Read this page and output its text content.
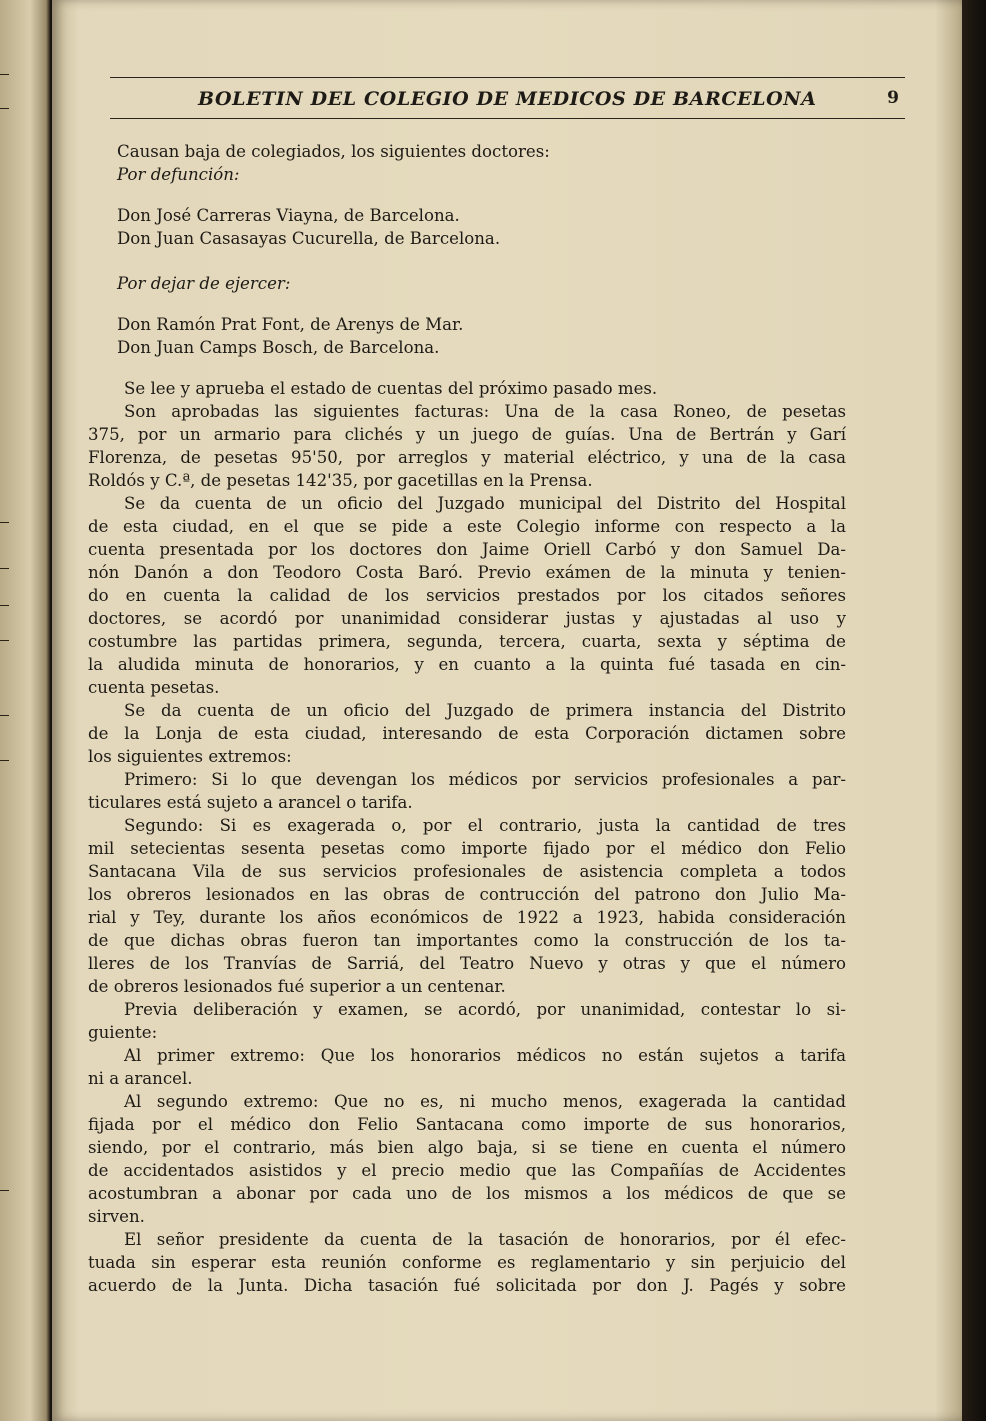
BOLETIN DEL COLEGIO DE MEDICOS DE BARCELONA	9
Causan baja de colegiados, los siguientes doctores:
Por defunción:
Don José Carreras Viayna, de Barcelona.
Don Juan Casasayas Cucurella, de Barcelona.
Por dejar de ejercer:
Don Ramón Prat Font, de Arenys de Mar.
Don Juan Camps Bosch, de Barcelona.
Se lee y aprueba el estado de cuentas del próximo pasado mes.
Son aprobadas las siguientes facturas: Una de la casa Roneo, de pesetas
375, por un armario para clichés y un juego de guías. Una de Bertrán y Garí
Florenza, de pesetas 95'50, por arreglos y material eléctrico, y una de la casa
Roldós y C.ª, de pesetas 142'35, por gacetillas en la Prensa.
Se da cuenta de un oficio del Juzgado municipal del Distrito del Hospital
de esta ciudad, en el que se pide a este Colegio informe con respecto a la
cuenta presentada por los doctores don Jaime Oriell Carbó y don Samuel Da-
nón Danón a don Teodoro Costa Baró. Previo exámen de la minuta y tenien-
do en cuenta la calidad de los servicios prestados por los citados señores
doctores, se acordó por unanimidad considerar justas y ajustadas al uso y
costumbre las partidas primera, segunda, tercera, cuarta, sexta y séptima de
la aludida minuta de honorarios, y en cuanto a la quinta fué tasada en cin-
cuenta pesetas.
Se da cuenta de un oficio del Juzgado de primera instancia del Distrito
de la Lonja de esta ciudad, interesando de esta Corporación dictamen sobre
los siguientes extremos:
Primero: Si lo que devengan los médicos por servicios profesionales a par-
ticulares está sujeto a arancel o tarifa.
Segundo: Si es exagerada o, por el contrario, justa la cantidad de tres
mil setecientas sesenta pesetas como importe fijado por el médico don Felio
Santacana Vila de sus servicios profesionales de asistencia completa a todos
los obreros lesionados en las obras de contrucción del patrono don Julio Ma-
rial y Tey, durante los años económicos de 1922 a 1923, habida consideración
de que dichas obras fueron tan importantes como la construcción de los ta-
lleres de los Tranvías de Sarriá, del Teatro Nuevo y otras y que el número
de obreros lesionados fué superior a un centenar.
Previa deliberación y examen, se acordó, por unanimidad, contestar lo si-
guiente:
Al primer extremo: Que los honorarios médicos no están sujetos a tarifa
ni a arancel.
Al segundo extremo: Que no es, ni mucho menos, exagerada la cantidad
fijada por el médico don Felio Santacana como importe de sus honorarios,
siendo, por el contrario, más bien algo baja, si se tiene en cuenta el número
de accidentados asistidos y el precio medio que las Compañías de Accidentes
acostumbran a abonar por cada uno de los mismos a los médicos de que se
sirven.
El señor presidente da cuenta de la tasación de honorarios, por él efec-
tuada sin esperar esta reunión conforme es reglamentario y sin perjuicio del
acuerdo de la Junta. Dicha tasación fué solicitada por don J. Pagés y sobre
